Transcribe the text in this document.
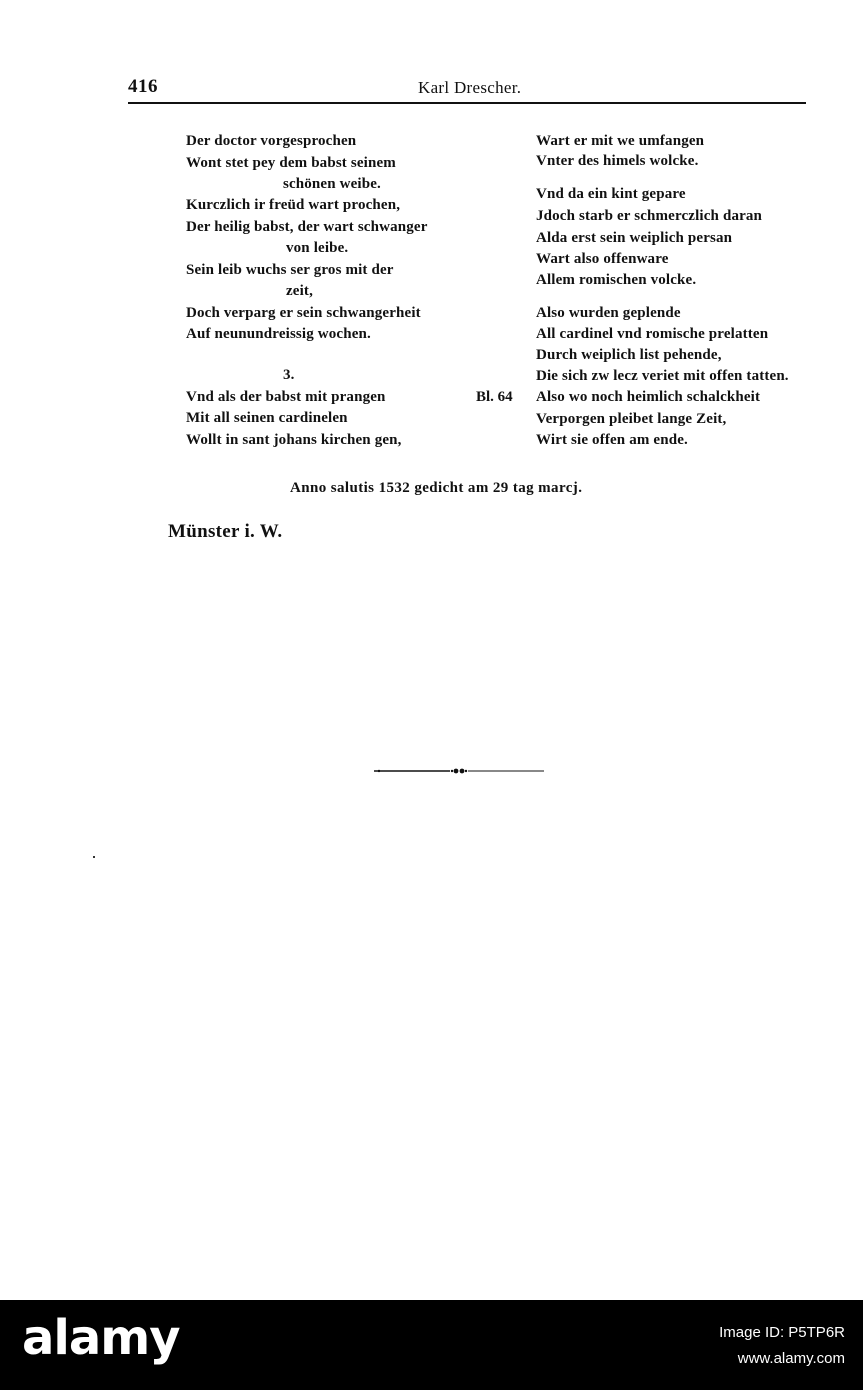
416	Karl Drescher.
Der doctor vorgesprochen
Wont stet pey dem babst seinem
schönen weibe.
Kurczlich ir freüd wart prochen,
Der heilig babst, der wart schwanger
von leibe.
Sein leib wuchs ser gros mit der
zeit,
Doch verparg er sein schwangerheit
Auf neunundreissig wochen.
3.
Vnd als der babst mit prangen
Mit all seinen cardinelen
Wollt in sant johans kirchen gen,
Bl. 64
Wart er mit we umfangen
Vnter des himels wolcke.
Vnd da ein kint gepare
Jdoch starb er schmerczlich daran
Alda erst sein weiplich persan
Wart also offenware
Allem romischen volcke.
Also wurden geplende
All cardinel vnd romische prelatten
Durch weiplich list pehende,
Die sich zw lecz veriet mit offen tatten.
Also wo noch heimlich schalckheit
Verporgen pleibet lange Zeit,
Wirt sie offen am ende.
Anno salutis 1532 gedicht am 29 tag marcj.
Münster i. W.
alamy	Image ID: P5TP6R
www.alamy.com
